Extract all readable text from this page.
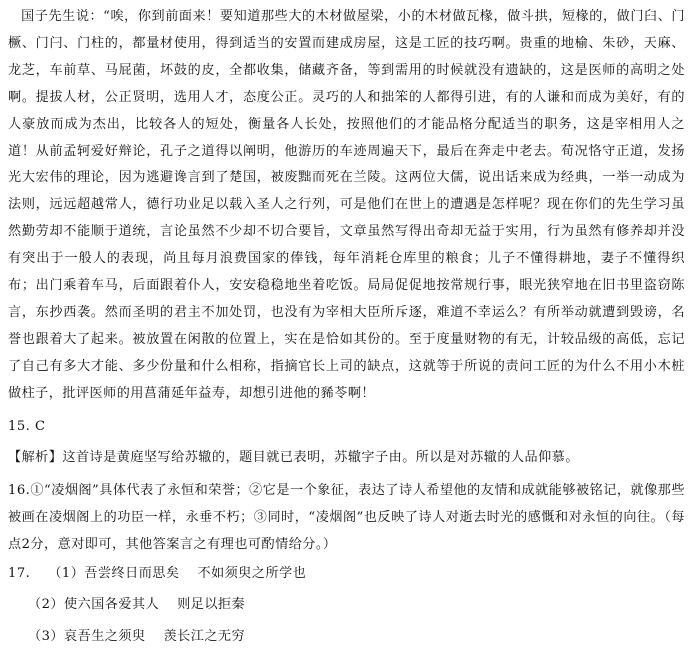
国子先生说：“唉，你到前面来！要知道那些大的木材做屋梁，小的木材做瓦椽，做斗拱，短椽的，做门臼、门橛、门闩、门柱的，都量材使用，得到适当的安置而建成房屋，这是工匠的技巧啊。贵重的地榆、朱砂，天麻、龙芝，车前草、马屁菌，坏鼓的皮，全都收集，储藏齐备，等到需用的时候就没有遗缺的，这是医师的高明之处啊。提拔人材，公正贤明，选用人才，态度公正。灵巧的人和拙笨的人都得引进，有的人谦和而成为美好，有的人豪放而成为杰出，比较各人的短处，衡量各人长处，按照他们的才能品格分配适当的职务，这是宰相用人之道！从前孟轲爱好辩论，孔子之道得以阐明，他游历的车迹周遍天下，最后在奔走中老去。荀况恪守正道，发扬光大宏伟的理论，因为逃避谗言到了楚国，被废黜而死在兰陵。这两位大儒，说出话来成为经典，一举一动成为法则，远远超越常人，德行功业足以载入圣人之行列，可是他们在世上的遭遇是怎样呢？现在你们的先生学习虽然勤劳却不能顺于道统，言论虽然不少却不切合要旨，文章虽然写得出奇却无益于实用，行为虽然有修养却并没有突出于一般人的表现，尚且每月浪费国家的俸钱，每年消耗仓库里的粮食；儿子不懂得耕地，妻子不懂得织布；出门乘着车马，后面跟着仆人，安安稳稳地坐着吃饭。局局促促地按常规行事，眼光狭窄地在旧书里盗窃陈言，东抄西袭。然而圣明的君主不加处罚，也没有为宰相大臣所斥逐，难道不幸运么？有所举动就遭到毁谤，名誉也跟着大了起来。被放置在闲散的位置上，实在是恰如其份的。至于度量财物的有无，计较品级的高低，忘记了自己有多大才能、多少份量和什么相称，指摘官长上司的缺点，这就等于所说的责问工匠的为什么不用小木桩做柱子，批评医师的用菖蒲延年益寿，却想引进他的豨苓啊！

15. C

【解析】这首诗是黄庭坚写给苏辙的，题目就已表明，苏辙字子由。所以是对苏辙的人品仰慕。

16.①“凌烟阁”具体代表了永恒和荣誉；②它是一个象征，表达了诗人希望他的友情和成就能够被铭记，就像那些被画在凌烟阁上的功臣一样，永垂不朽；③同时，“凌烟阁”也反映了诗人对逝去时光的感慨和对永恒的向往。（每点2分，意对即可，其他答案言之有理也可酌情给分。）

17. （1）吾尝终日而思矣 不如须臾之所学也

（2）使六国各爱其人 则足以拒秦
（3）哀吾生之须臾 羡长江之无穷
